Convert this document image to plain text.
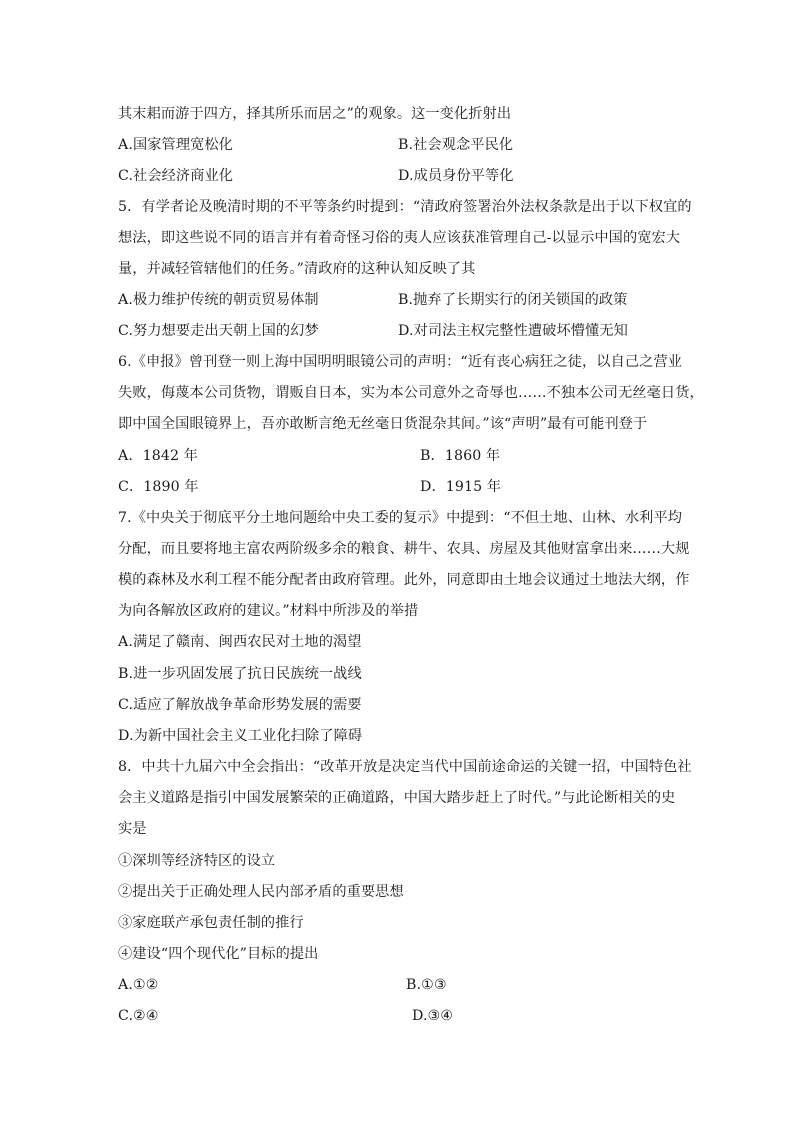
其末耜而游于四方，择其所乐而居之”的观象。这一变化折射出
A.国家管理宽松化	B.社会观念平民化
C.社会经济商业化	D.成员身份平等化
5．有学者论及晚清时期的不平等条约时提到：“清政府签署治外法权条款是出于以下权宜的
想法，即这些说不同的语言并有着奇怪习俗的夷人应该获准管理自己-以显示中国的宽宏大
量，并减轻管辖他们的任务。”清政府的这种认知反映了其
A.极力维护传统的朝贡贸易体制	B.抛弃了长期实行的闭关锁国的政策
C.努力想要走出天朝上国的幻梦	D.对司法主权完整性遭破坏懵懂无知
6.《申报》曾刊登一则上海中国明明眼镜公司的声明：“近有丧心病狂之徒，以自己之营业
失败，侮蔑本公司货物，谓贩自日本，实为本公司意外之奇辱也……不独本公司无丝毫日货，
即中国全国眼镜界上，吾亦敢断言绝无丝毫日货混杂其间。”该“声明”最有可能刊登于
A．1842 年	B．1860 年
C．1890 年	D．1915 年
7.《中央关于彻底平分土地问题给中央工委的复示》中提到：“不但土地、山林、水利平均
分配，而且要将地主富农两阶级多余的粮食、耕牛、农具、房屋及其他财富拿出来……大规
模的森林及水利工程不能分配者由政府管理。此外，同意即由土地会议通过土地法大纲，作
为向各解放区政府的建议。”材料中所涉及的举措
A.满足了赣南、闽西农民对土地的渴望
B.进一步巩固发展了抗日民族统一战线
C.适应了解放战争革命形势发展的需要
D.为新中国社会主义工业化扫除了障碍
8．中共十九届六中全会指出：“改革开放是决定当代中国前途命运的关键一招，中国特色社
会主义道路是指引中国发展繁荣的正确道路，中国大踏步赶上了时代。”与此论断相关的史
实是
①深圳等经济特区的设立
②提出关于正确处理人民内部矛盾的重要思想
③家庭联产承包责任制的推行
④建设“四个现代化”目标的提出
A.①②	B.①③
C.②④	D.③④
